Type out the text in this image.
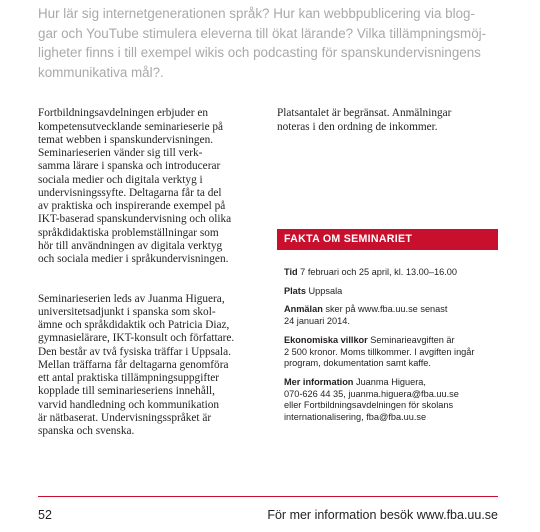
Hur lär sig internetgenerationen språk? Hur kan webbpublicering via blog-
gar och YouTube stimulera eleverna till ökat lärande? Vilka tillämpningsmöj-
ligheter finns i till exempel wikis och podcasting för spanskundervisningens
kommunikativa mål?.

Fortbildningsavdelningen erbjuder en
kompetensutvecklande seminarieserie på
temat webben i spanskundervisningen.
Seminarieserien vänder sig till verk-
samma lärare i spanska och introducerar
sociala medier och digitala verktyg i
undervisningssyfte. Deltagarna får ta del
av praktiska och inspirerande exempel på
IKT-baserad spanskundervisning och olika
språkdidaktiska problemställningar som
hör till användningen av digitala verktyg
och sociala medier i språkundervisningen.

Seminarieserien leds av Juanma Higuera,
universitetsadjunkt i spanska som skol-
ämne och språkdidaktik och Patricia Diaz,
gymnasielärare, IKT-konsult och författare.
Den består av två fysiska träffar i Uppsala.
Mellan träffarna får deltagarna genomföra
ett antal praktiska tillämpningsuppgifter
kopplade till seminarieseriens innehåll,
varvid handledning och kommunikation
är nätbaserat. Undervisningsspråket är
spanska och svenska.

Platsantalet är begränsat. Anmälningar
noteras i den ordning de inkommer.

FAKTA OM SEMINARIET
Tid 7 februari och 25 april, kl. 13.00–16.00
Plats Uppsala
Anmälan sker på www.fba.uu.se senast
24 januari 2014.
Ekonomiska villkor Seminarieavgiften är
2 500 kronor. Moms tillkommer. I avgiften ingår
program, dokumentation samt kaffe.
Mer information Juanma Higuera,
070-626 44 35, juanma.higuera@fba.uu.se
eller Fortbildningsavdelningen för skolans
internationalisering, fba@fba.uu.se
52	För mer information besök www.fba.uu.se
